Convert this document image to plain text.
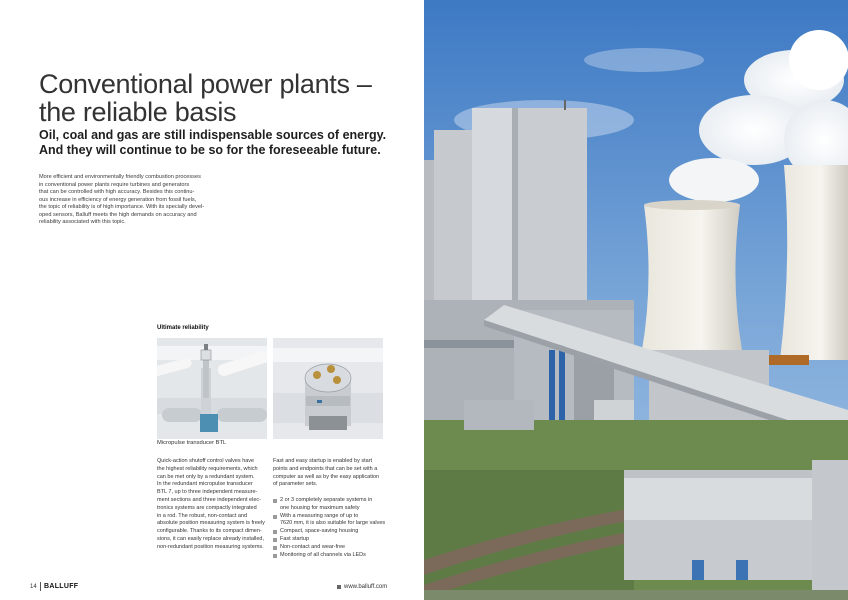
Conventional power plants –
the reliable basis
Oil, coal and gas are still indispensable sources of energy.
And they will continue to be so for the foreseeable future.

More efficient and environmentally friendly combustion processes
in conventional power plants require turbines and generators
that can be controlled with high accuracy. Besides this continu-
ous increase in efficiency of energy generation from fossil fuels,
the topic of reliability is of high importance. With its specially devel-
oped sensors, Balluff meets the high demands on accuracy and
reliability associated with this topic.

Ultimate reliability
Micropulse transducer BTL
Quick-action shutoff control valves have
the highest reliability requirements, which
can be met only by a redundant system.
In the redundant micropulse transducer
BTL 7, up to three independent measure-
ment sections and three independent elec-
tronics systems are compactly integrated
in a rod. The robust, non-contact and
absolute position measuring system is freely
configurable. Thanks to its compact dimen-
sions, it can easily replace already installed,
non-redundant position measuring systems.
Fast and easy startup is enabled by start
points and endpoints that can be set with a
computer as well as by the easy application
of parameter sets.
2 or 3 completely separate systems in
one housing for maximum safety
With a measuring range of up to
7620 mm, it is also suitable for large valves
Compact, space-saving housing
Fast startup
Non-contact and wear-free
Monitoring of all channels via LEDs
14 BALLUFF	www.balluff.com
